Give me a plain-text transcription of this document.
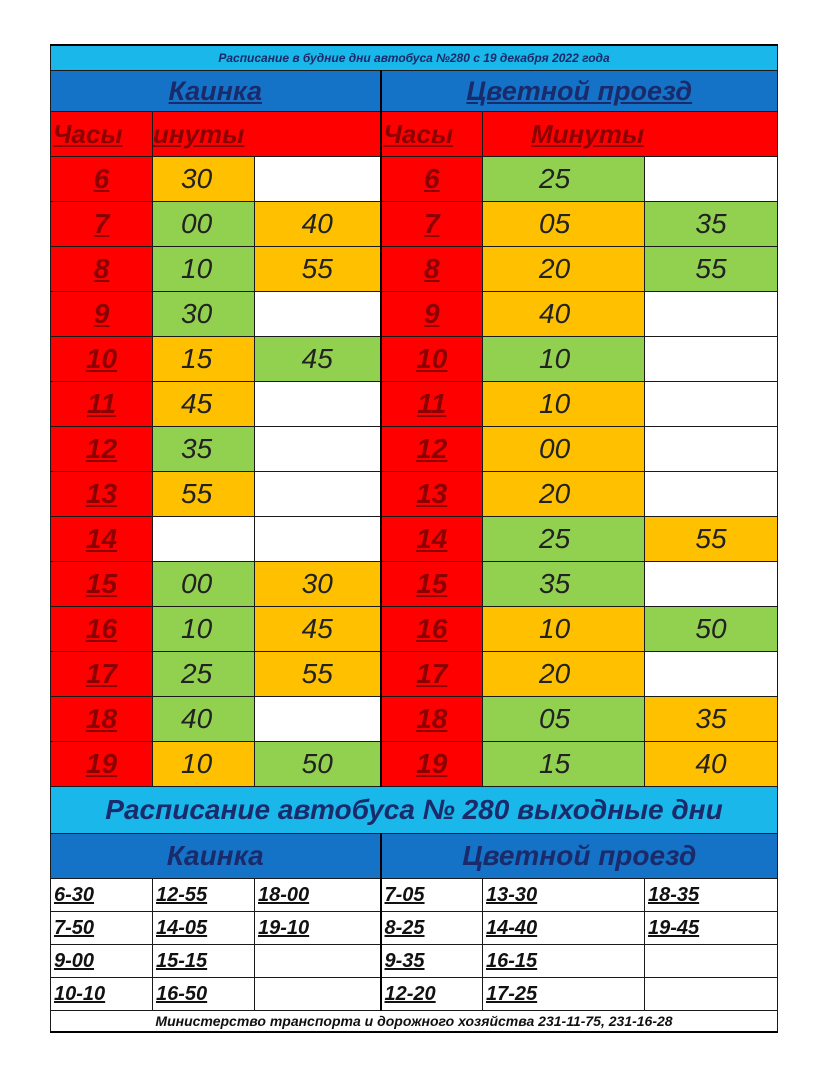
Расписание в будние дни автобуса №280 с 19 декабря 2022 года					
Каинка			Цветной проезд		
Часы	инуты		Часы	Минуты	
6	30		6	25	
7	00	40	7	05	35
8	10	55	8	20	55
9	30		9	40	
10	15	45	10	10	
11	45		11	10	
12	35		12	00	
13	55		13	20	
14			14	25	55
15	00	30	15	35	
16	10	45	16	10	50
17	25	55	17	20	
18	40		18	05	35
19	10	50	19	15	40
Расписание автобуса № 280 выходные дни					
Каинка			Цветной проезд		
6-30	12-55	18-00	7-05	13-30	18-35
7-50	14-05	19-10	8-25	14-40	19-45
9-00	15-15		9-35	16-15	
10-10	16-50		12-20	17-25	
Министерство транспорта и дорожного хозяйства 231-11-75, 231-16-28					
